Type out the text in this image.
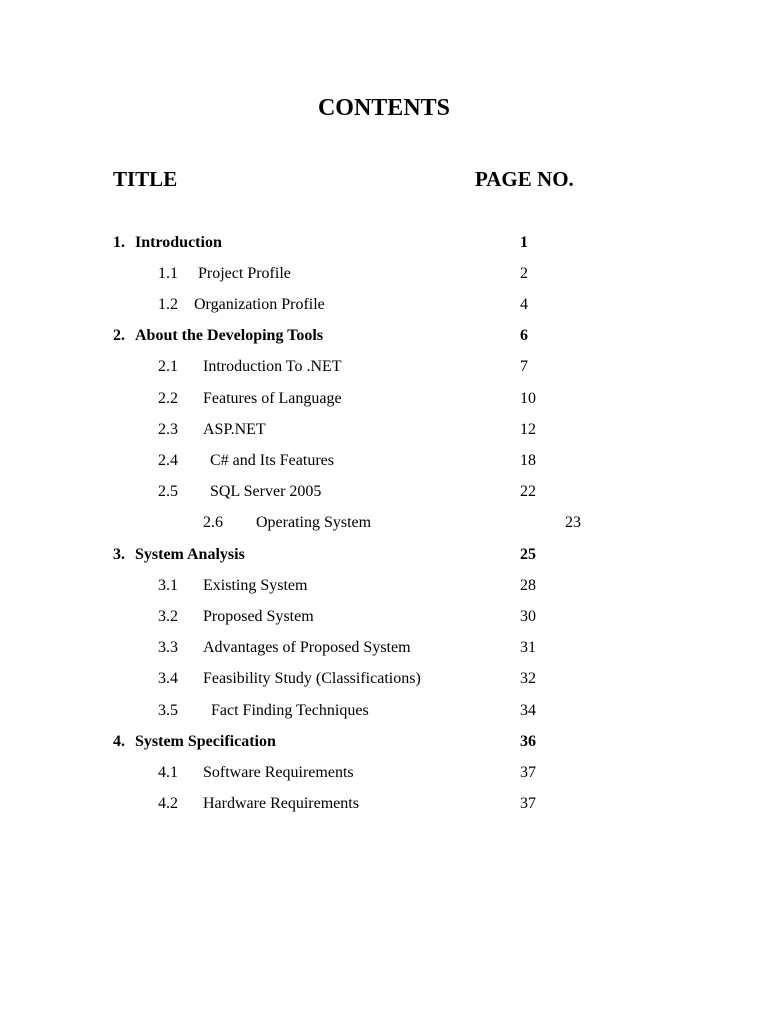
CONTENTS
TITLE	PAGE NO.
1. Introduction	1
1.1 Project Profile	2
1.2 Organization Profile	4
2. About the Developing Tools	6
2.1 Introduction To .NET	7
2.2 Features of Language	10
2.3 ASP.NET	12
2.4 C# and Its Features	18
2.5 SQL Server 2005	22
2.6 Operating System	23
3. System Analysis	25
3.1 Existing System	28
3.2 Proposed System	30
3.3 Advantages of Proposed System	31
3.4 Feasibility Study (Classifications)	32
3.5 Fact Finding Techniques	34
4. System Specification	36
4.1 Software Requirements	37
4.2 Hardware Requirements	37
